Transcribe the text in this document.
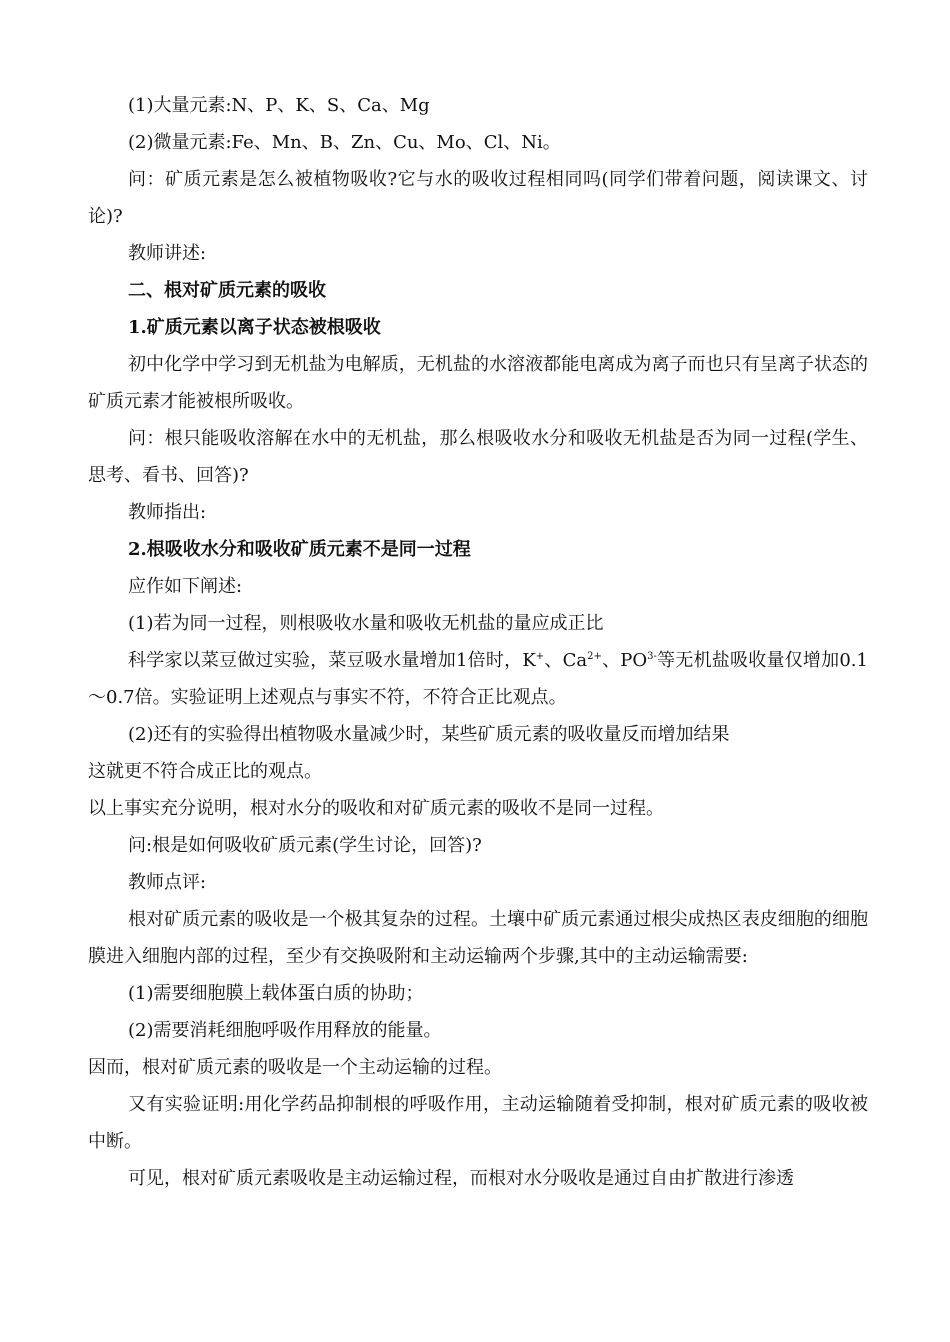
(1)大量元素:N、P、K、S、Ca、Mg

(2)微量元素:Fe、Mn、B、Zn、Cu、Mo、Cl、Ni。

问：矿质元素是怎么被植物吸收?它与水的吸收过程相同吗(同学们带着问题，阅读课文、讨论)?

教师讲述:

二、根对矿质元素的吸收

1.矿质元素以离子状态被根吸收

初中化学中学习到无机盐为电解质，无机盐的水溶液都能电离成为离子而也只有呈离子状态的矿质元素才能被根所吸收。

问：根只能吸收溶解在水中的无机盐，那么根吸收水分和吸收无机盐是否为同一过程(学生、思考、看书、回答)?

教师指出:

2.根吸收水分和吸收矿质元素不是同一过程

应作如下阐述:

(1)若为同一过程，则根吸收水量和吸收无机盐的量应成正比

科学家以菜豆做过实验，菜豆吸水量增加1倍时，K+、$Ca^{2+}$、$PO^{3-}$等无机盐吸收量仅增加0.1～0.7倍。实验证明上述观点与事实不符，不符合正比观点。

(2)还有的实验得出植物吸水量减少时，某些矿质元素的吸收量反而增加结果

这就更不符合成正比的观点。

以上事实充分说明，根对水分的吸收和对矿质元素的吸收不是同一过程。

问:根是如何吸收矿质元素(学生讨论，回答)?

教师点评:

根对矿质元素的吸收是一个极其复杂的过程。土壤中矿质元素通过根尖成热区表皮细胞的细胞膜进入细胞内部的过程，至少有交换吸附和主动运输两个步骤,其中的主动运输需要:

(1)需要细胞膜上载体蛋白质的协助；

(2)需要消耗细胞呼吸作用释放的能量。

因而，根对矿质元素的吸收是一个主动运输的过程。

又有实验证明:用化学药品抑制根的呼吸作用，主动运输随着受抑制，根对矿质元素的吸收被中断。

可见，根对矿质元素吸收是主动运输过程，而根对水分吸收是通过自由扩散进行渗透
